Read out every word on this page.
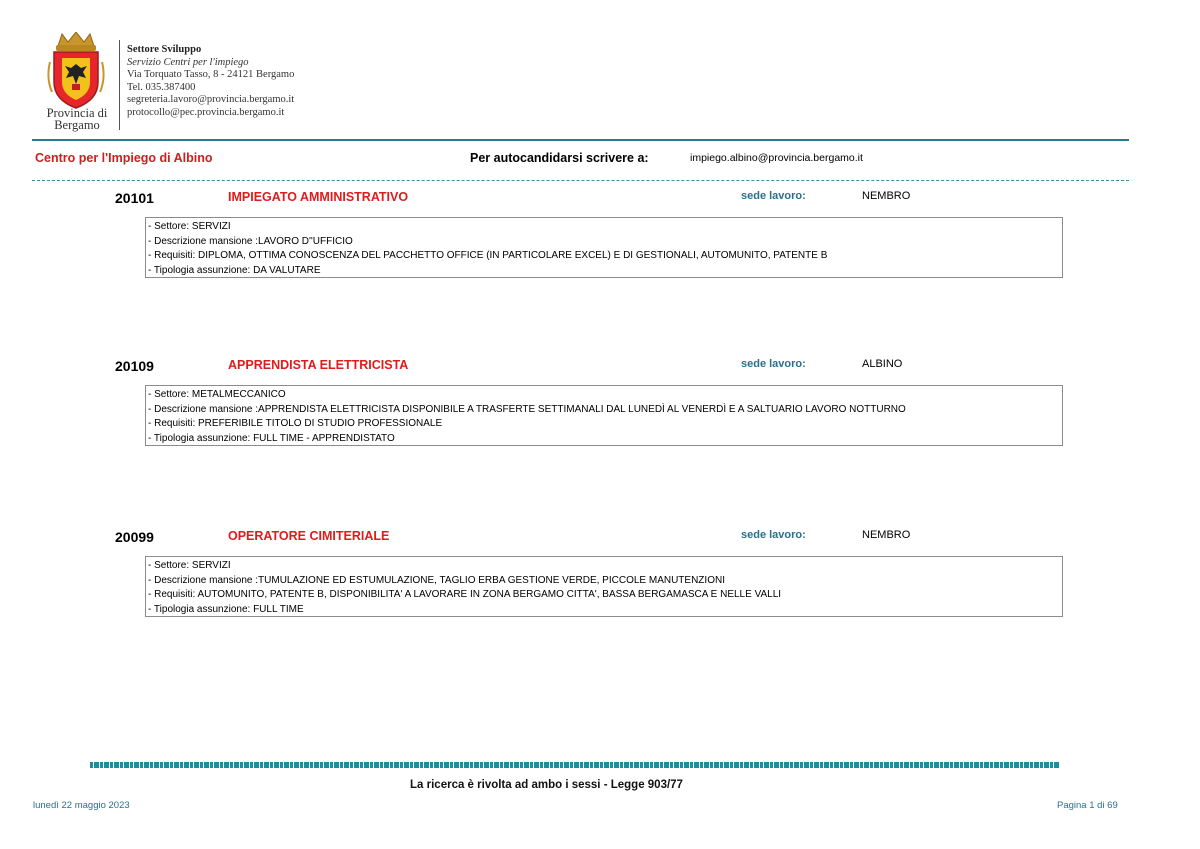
Provincia di
Bergamo
Settore Sviluppo
Servizio Centri per l'impiego
Via Torquato Tasso, 8 - 24121 Bergamo
Tel. 035.387400
segreteria.lavoro@provincia.bergamo.it
protocollo@pec.provincia.bergamo.it
Centro per l'Impiego di Albino	Per autocandidarsi scrivere a:	impiego.albino@provincia.bergamo.it
20101	IMPIEGATO AMMINISTRATIVO	sede lavoro:	NEMBRO
- Settore: SERVIZI
- Descrizione mansione :LAVORO D''UFFICIO
- Requisiti: DIPLOMA, OTTIMA CONOSCENZA DEL PACCHETTO OFFICE (IN PARTICOLARE EXCEL) E DI GESTIONALI, AUTOMUNITO, PATENTE B
- Tipologia assunzione: DA VALUTARE
20109	APPRENDISTA ELETTRICISTA	sede lavoro:	ALBINO
- Settore: METALMECCANICO
- Descrizione mansione :APPRENDISTA ELETTRICISTA DISPONIBILE A TRASFERTE SETTIMANALI DAL LUNEDÌ AL VENERDÌ E A SALTUARIO LAVORO NOTTURNO
- Requisiti: PREFERIBILE TITOLO DI STUDIO PROFESSIONALE
- Tipologia assunzione: FULL TIME - APPRENDISTATO
20099	OPERATORE CIMITERIALE	sede lavoro:	NEMBRO
- Settore: SERVIZI
- Descrizione mansione :TUMULAZIONE ED ESTUMULAZIONE, TAGLIO ERBA GESTIONE VERDE, PICCOLE MANUTENZIONI
- Requisiti: AUTOMUNITO, PATENTE B, DISPONIBILITA' A LAVORARE IN ZONA BERGAMO CITTA', BASSA BERGAMASCA E NELLE VALLI
- Tipologia assunzione: FULL TIME
La ricerca è rivolta ad ambo i sessi - Legge 903/77
lunedì 22 maggio 2023	Pagina 1 di 69
